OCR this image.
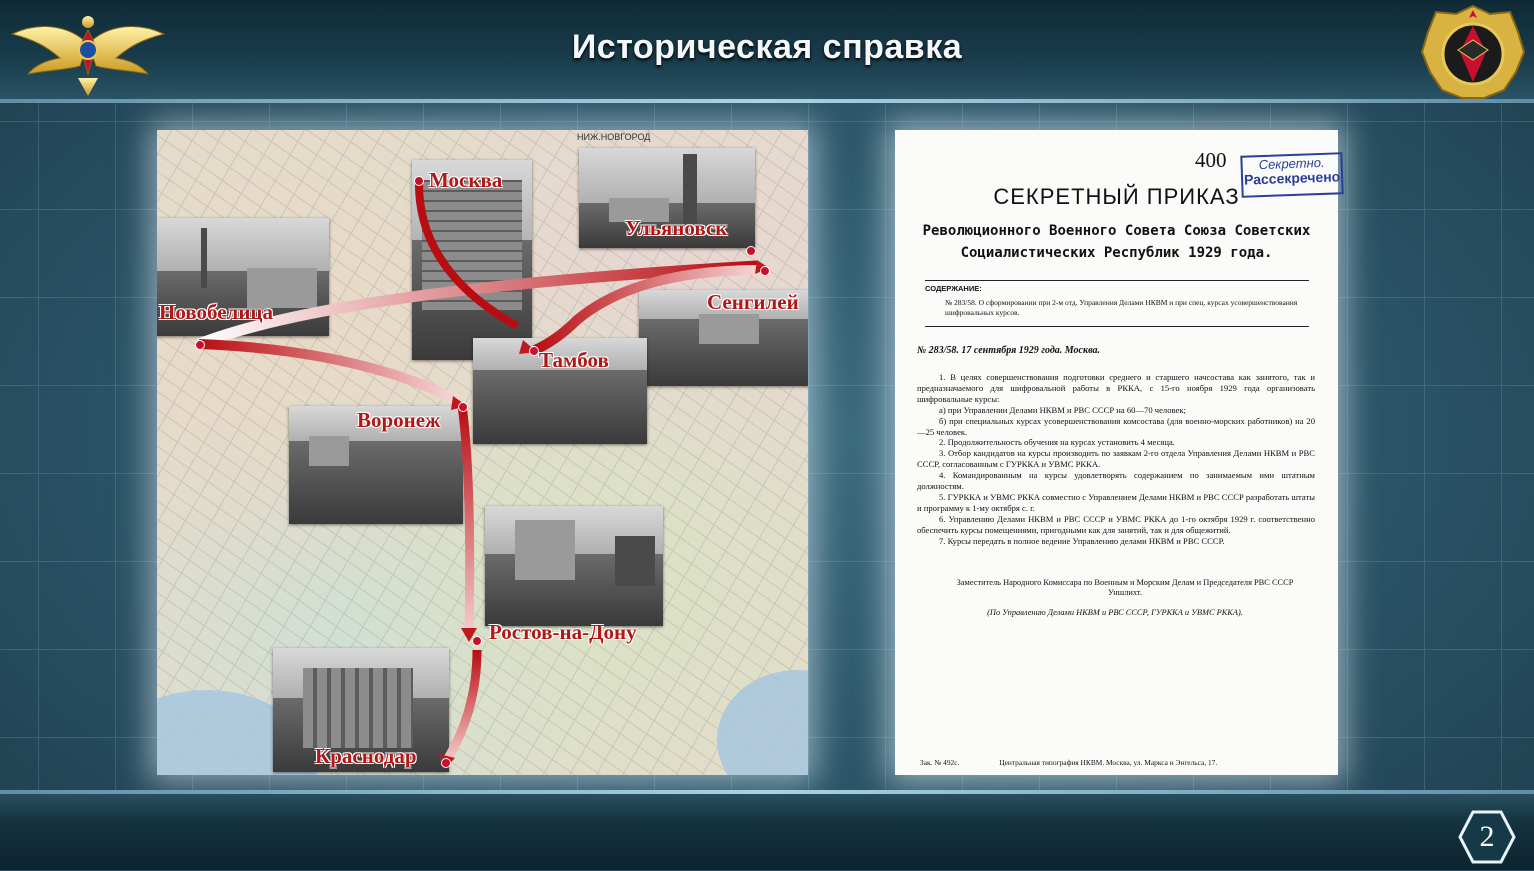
Историческая справка
НИЖ.НОВГОРОД
Москва
Ульяновск
Новобелица	Сенгилей
Тамбов
Воронеж
Ростов-на-Дону
Краснодар
400	Секретно.
Рассекречено
СЕКРЕТНЫЙ ПРИКАЗ
Революционного Военного Совета Союза Советских Социалистических Республик 1929 года.
СОДЕРЖАНИЕ:
№ 283/58. О сформировании при 2-м отд. Управления Делами НКВМ и при спец. курсах усовершенствования шифровальных курсов.
№ 283/58. 17 сентября 1929 года. Москва.

1. В целях совершенствования подготовки среднего и старшего начсостава как занятого, так и предназначаемого для шифровальной работы в РККА, с 15-го ноября 1929 года организовать шифровальные курсы:

а) при Управлении Делами НКВМ и РВС СССР на 60—70 человек;

б) при специальных курсах усовершенствования комсостава (для военно-морских работников) на 20—25 человек.

2. Продолжительность обучения на курсах установить 4 месяца.

3. Отбор кандидатов на курсы производить по заявкам 2-го отдела Управления Делами НКВМ и РВС СССР, согласованным с ГУРККА и УВМС РККА.

4. Командированным на курсы удовлетворять содержанием по занимаемым ими штатным должностям.

5. ГУРККА и УВМС РККА совместно с Управлением Делами НКВМ и РВС СССР разработать штаты и программу к 1-му октября с. г.

6. Управлению Делами НКВМ и РВС СССР и УВМС РККА до 1-го октября 1929 г. соответственно обеспечить курсы помещениями, пригодными как для занятий, так и для общежитий.

7. Курсы передать в полное ведение Управлению делами НКВМ и РВС СССР.

Заместитель Народного Комиссара по Военным и Морским Делам и Председателя РВС СССР Уншлихт.
(По Управлению Делами НКВМ и РВС СССР, ГУРККА и УВМС РККА).
Зак. № 492с.	Центральная типография НКВМ. Москва, ул. Маркса и Энгельса, 17.
2
